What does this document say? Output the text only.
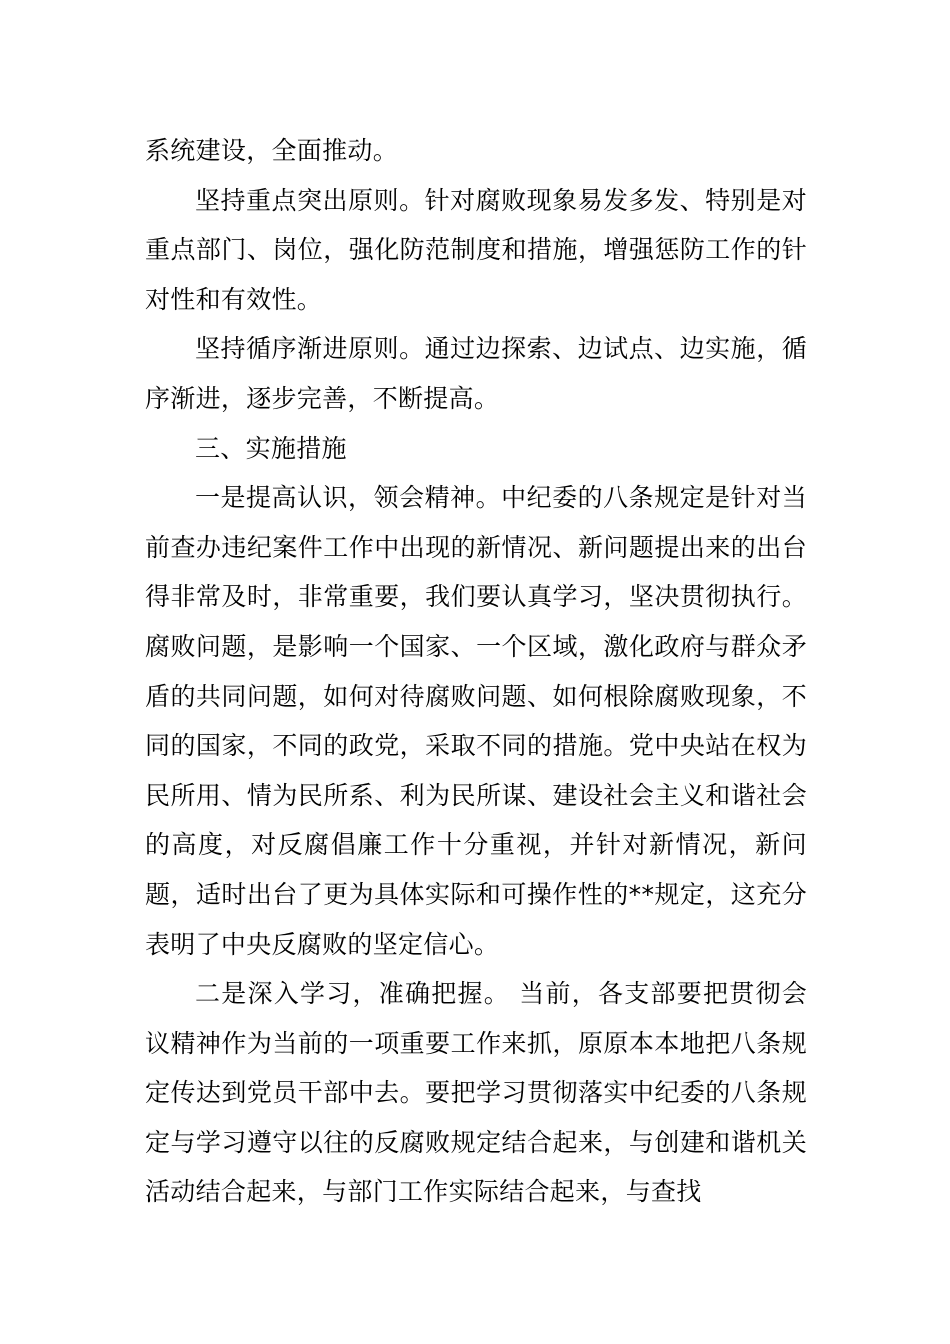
系统建设，全面推动。

坚持重点突出原则。针对腐败现象易发多发、特别是对重点部门、岗位，强化防范制度和措施，增强惩防工作的针对性和有效性。

坚持循序渐进原则。通过边探索、边试点、边实施，循序渐进，逐步完善，不断提高。

三、实施措施

一是提高认识，领会精神。中纪委的八条规定是针对当前查办违纪案件工作中出现的新情况、新问题提出来的出台得非常及时，非常重要，我们要认真学习，坚决贯彻执行。腐败问题，是影响一个国家、一个区域，激化政府与群众矛盾的共同问题，如何对待腐败问题、如何根除腐败现象，不同的国家，不同的政党，采取不同的措施。党中央站在权为民所用、情为民所系、利为民所谋、建设社会主义和谐社会的高度，对反腐倡廉工作十分重视，并针对新情况，新问题，适时出台了更为具体实际和可操作性的**规定，这充分表明了中央反腐败的坚定信心。

二是深入学习，准确把握。 当前，各支部要把贯彻会议精神作为当前的一项重要工作来抓，原原本本地把八条规定传达到党员干部中去。要把学习贯彻落实中纪委的八条规定与学习遵守以往的反腐败规定结合起来，与创建和谐机关活动结合起来，与部门工作实际结合起来，与查找
